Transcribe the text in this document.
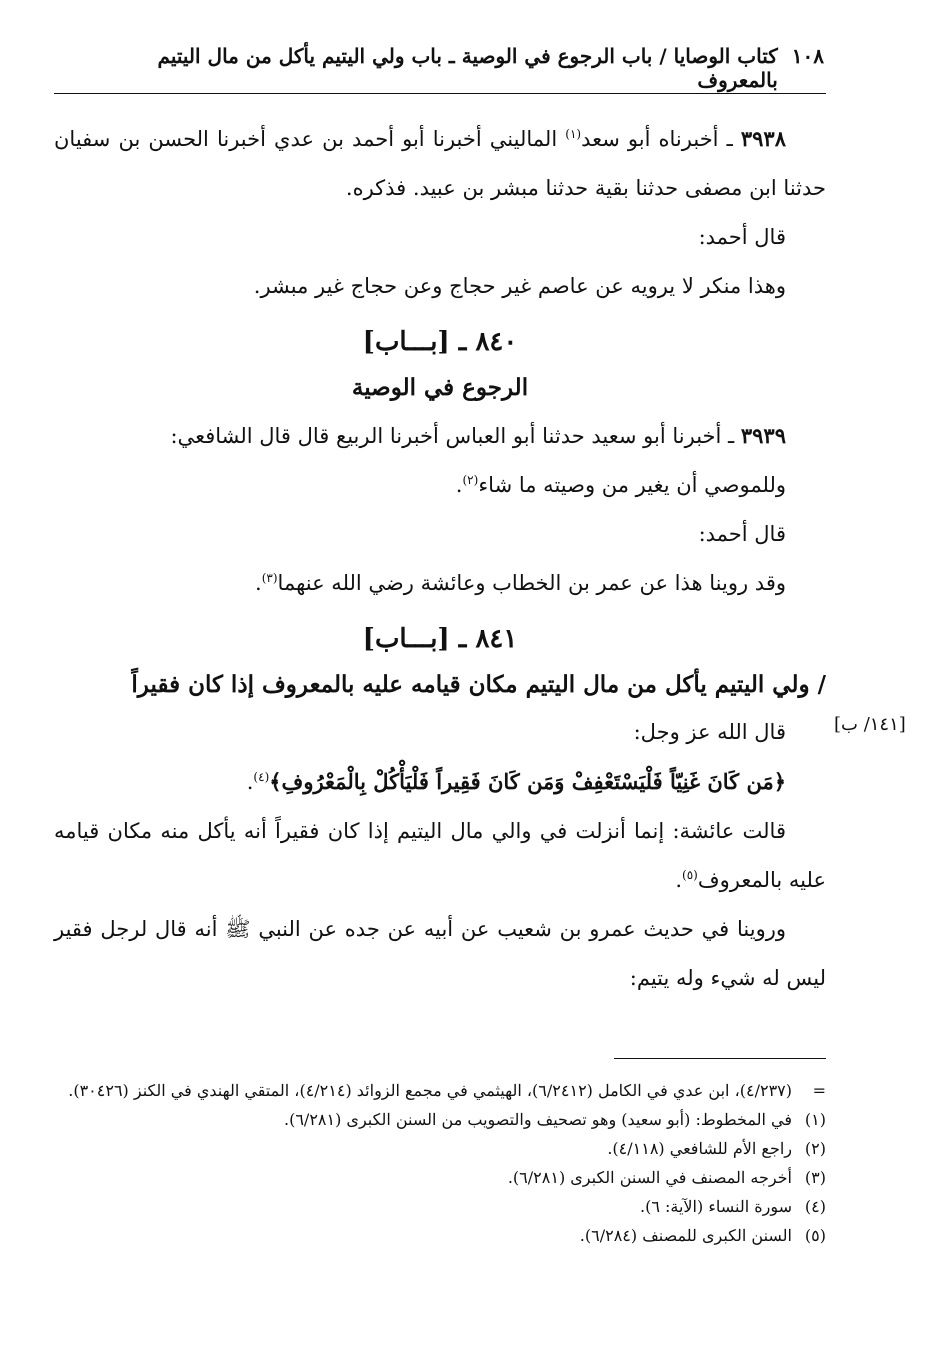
١٠٨
كتاب الوصايا / باب الرجوع في الوصية ـ باب ولي اليتيم يأكل من مال اليتيم بالمعروف

٣٩٣٨ ـ أخبرناه أبو سعد$^{(١)}$ الماليني أخبرنا أبو أحمد بن عدي أخبرنا الحسن بن سفيان حدثنا ابن مصفى حدثنا بقية حدثنا مبشر بن عبيد. فذكره.

قال أحمد:

وهذا منكر لا يرويه عن عاصم غير حجاج وعن حجاج غير مبشر.

٨٤٠ ـ [بـــاب]
الرجوع في الوصية

٣٩٣٩ ـ أخبرنا أبو سعيد حدثنا أبو العباس أخبرنا الربيع قال قال الشافعي:

وللموصي أن يغير من وصيته ما شاء$^{(٢)}$.

قال أحمد:

وقد روينا هذا عن عمر بن الخطاب وعائشة رضي الله عنهما$^{(٣)}$.

٨٤١ ـ [بـــاب]
/ ولي اليتيم يأكل من مال اليتيم مكان قيامه عليه بالمعروف إذا كان فقيراً

قال الله عز وجل:

﴿مَن كَانَ غَنِيّاً فَلْيَسْتَعْفِفْ وَمَن كَانَ فَقِيراً فَلْيَأْكُلْ بِالْمَعْرُوفِ﴾$^{(٤)}$.

قالت عائشة: إنما أنزلت في والي مال اليتيم إذا كان فقيراً أنه يأكل منه مكان قيامه عليه بالمعروف$^{(٥)}$.

وروينا في حديث عمرو بن شعيب عن أبيه عن جده عن النبي ﷺ أنه قال لرجل فقير ليس له شيء وله يتيم:

[١٤١/ ب]

=
(٤/٢٣٧)، ابن عدي في الكامل (٦/٢٤١٢)، الهيثمي في مجمع الزوائد (٤/٢١٤)، المتقي الهندي في الكنز (٣٠٤٢٦).

(١)
في المخطوط: (أبو سعيد) وهو تصحيف والتصويب من السنن الكبرى (٦/٢٨١).

(٢)
راجع الأم للشافعي (٤/١١٨).

(٣)
أخرجه المصنف في السنن الكبرى (٦/٢٨١).

(٤)
سورة النساء (الآية: ٦).

(٥)
السنن الكبرى للمصنف (٦/٢٨٤).
